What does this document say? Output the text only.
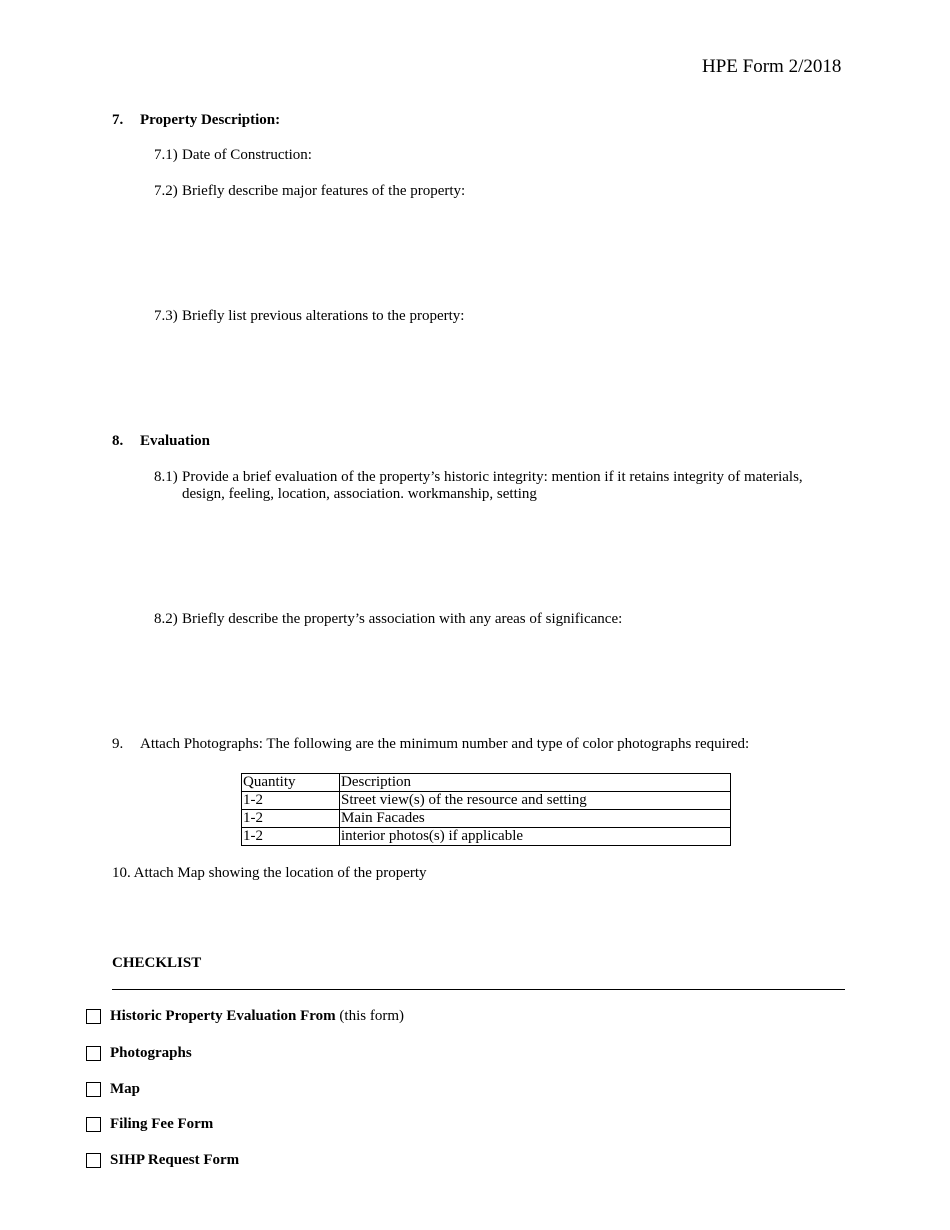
HPE Form 2/2018
7. Property Description:
7.1) Date of Construction:
7.2) Briefly describe major features of the property:
7.3) Briefly list previous alterations to the property:
8. Evaluation
8.1) Provide a brief evaluation of the property’s historic integrity: mention if it retains integrity of materials, design, feeling, location, association. workmanship, setting
8.2) Briefly describe the property’s association with any areas of significance:
9. Attach Photographs: The following are the minimum number and type of color photographs required:
Quantity	Description
1-2	Street view(s) of the resource and setting
1-2	Main Facades
1-2	interior photos(s) if applicable
10. Attach Map showing the location of the property
CHECKLIST
Historic Property Evaluation From (this form)
Photographs
Map
Filing Fee Form
SIHP Request Form
